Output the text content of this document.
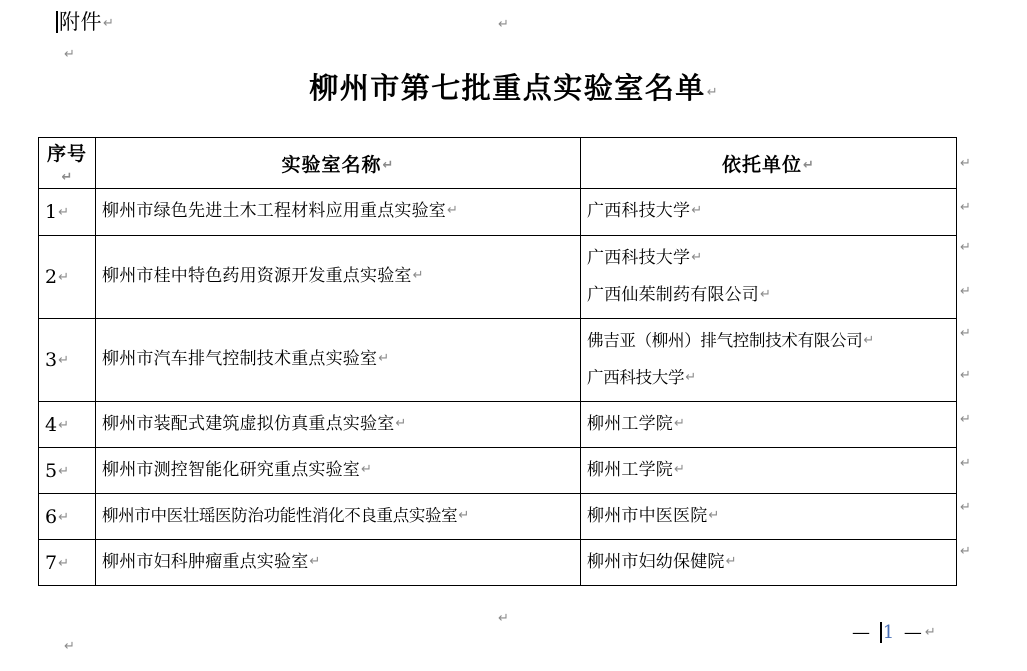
附件↵
↵
柳州市第七批重点实验室名单↵
序号↵	实验室名称↵	依托单位↵
1↵	柳州市绿色先进土木工程材料应用重点实验室↵	广西科技大学↵

2↵	柳州市桂中特色药用资源开发重点实验室↵	广西科技大学↵
广西仙茱制药有限公司↵

3↵	柳州市汽车排气控制技术重点实验室↵	佛吉亚（柳州）排气控制技术有限公司↵
广西科技大学↵

4↵	柳州市装配式建筑虚拟仿真重点实验室↵	柳州工学院↵

5↵	柳州市测控智能化研究重点实验室↵	柳州工学院↵

6↵	柳州市中医壮瑶医防治功能性消化不良重点实验室↵	柳州市中医医院↵

7↵	柳州市妇科肿瘤重点实验室↵	柳州市妇幼保健院↵
↵
↵
↵
↵
↵
↵
↵
↵
↵
↵
↵
↵
↵
— 1 —↵
